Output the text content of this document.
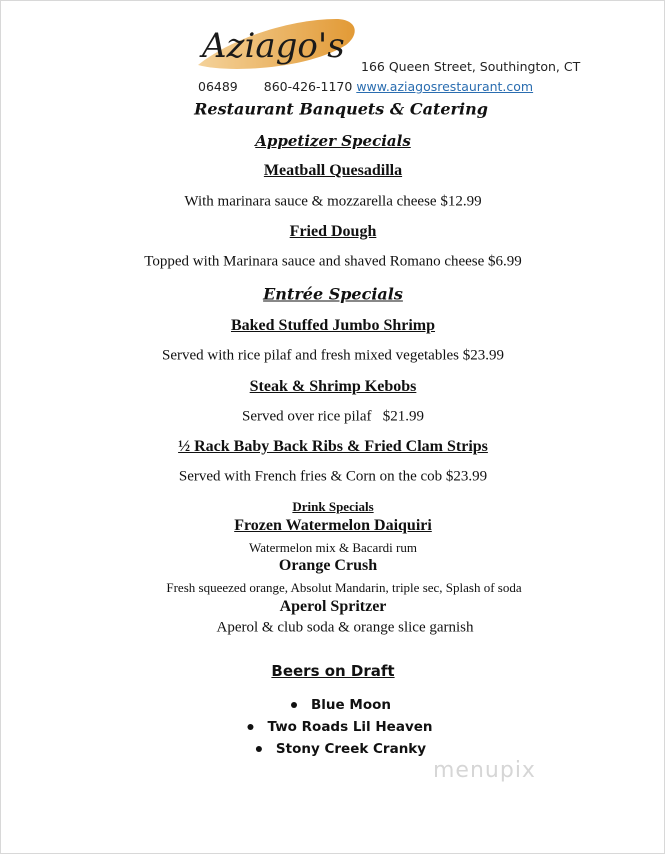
Aziago's
166 Queen Street, Southington, CT
06489 860-426-1170 www.aziagosrestaurant.com
Restaurant Banquets & Catering
Appetizer Specials
Meatball Quesadilla
With marinara sauce & mozzarella cheese $12.99
Fried Dough
Topped with Marinara sauce and shaved Romano cheese $6.99
Entrée Specials
Baked Stuffed Jumbo Shrimp
Served with rice pilaf and fresh mixed vegetables $23.99
Steak & Shrimp Kebobs
Served over rice pilaf   $21.99
½ Rack Baby Back Ribs & Fried Clam Strips
Served with French fries & Corn on the cob $23.99
Drink Specials
Frozen Watermelon Daiquiri
Watermelon mix & Bacardi rum
Orange Crush
Fresh squeezed orange, Absolut Mandarin, triple sec, Splash of soda
Aperol Spritzer
Aperol & club soda & orange slice garnish
Beers on Draft
Blue Moon
Two Roads Lil Heaven
Stony Creek Cranky
menupix
